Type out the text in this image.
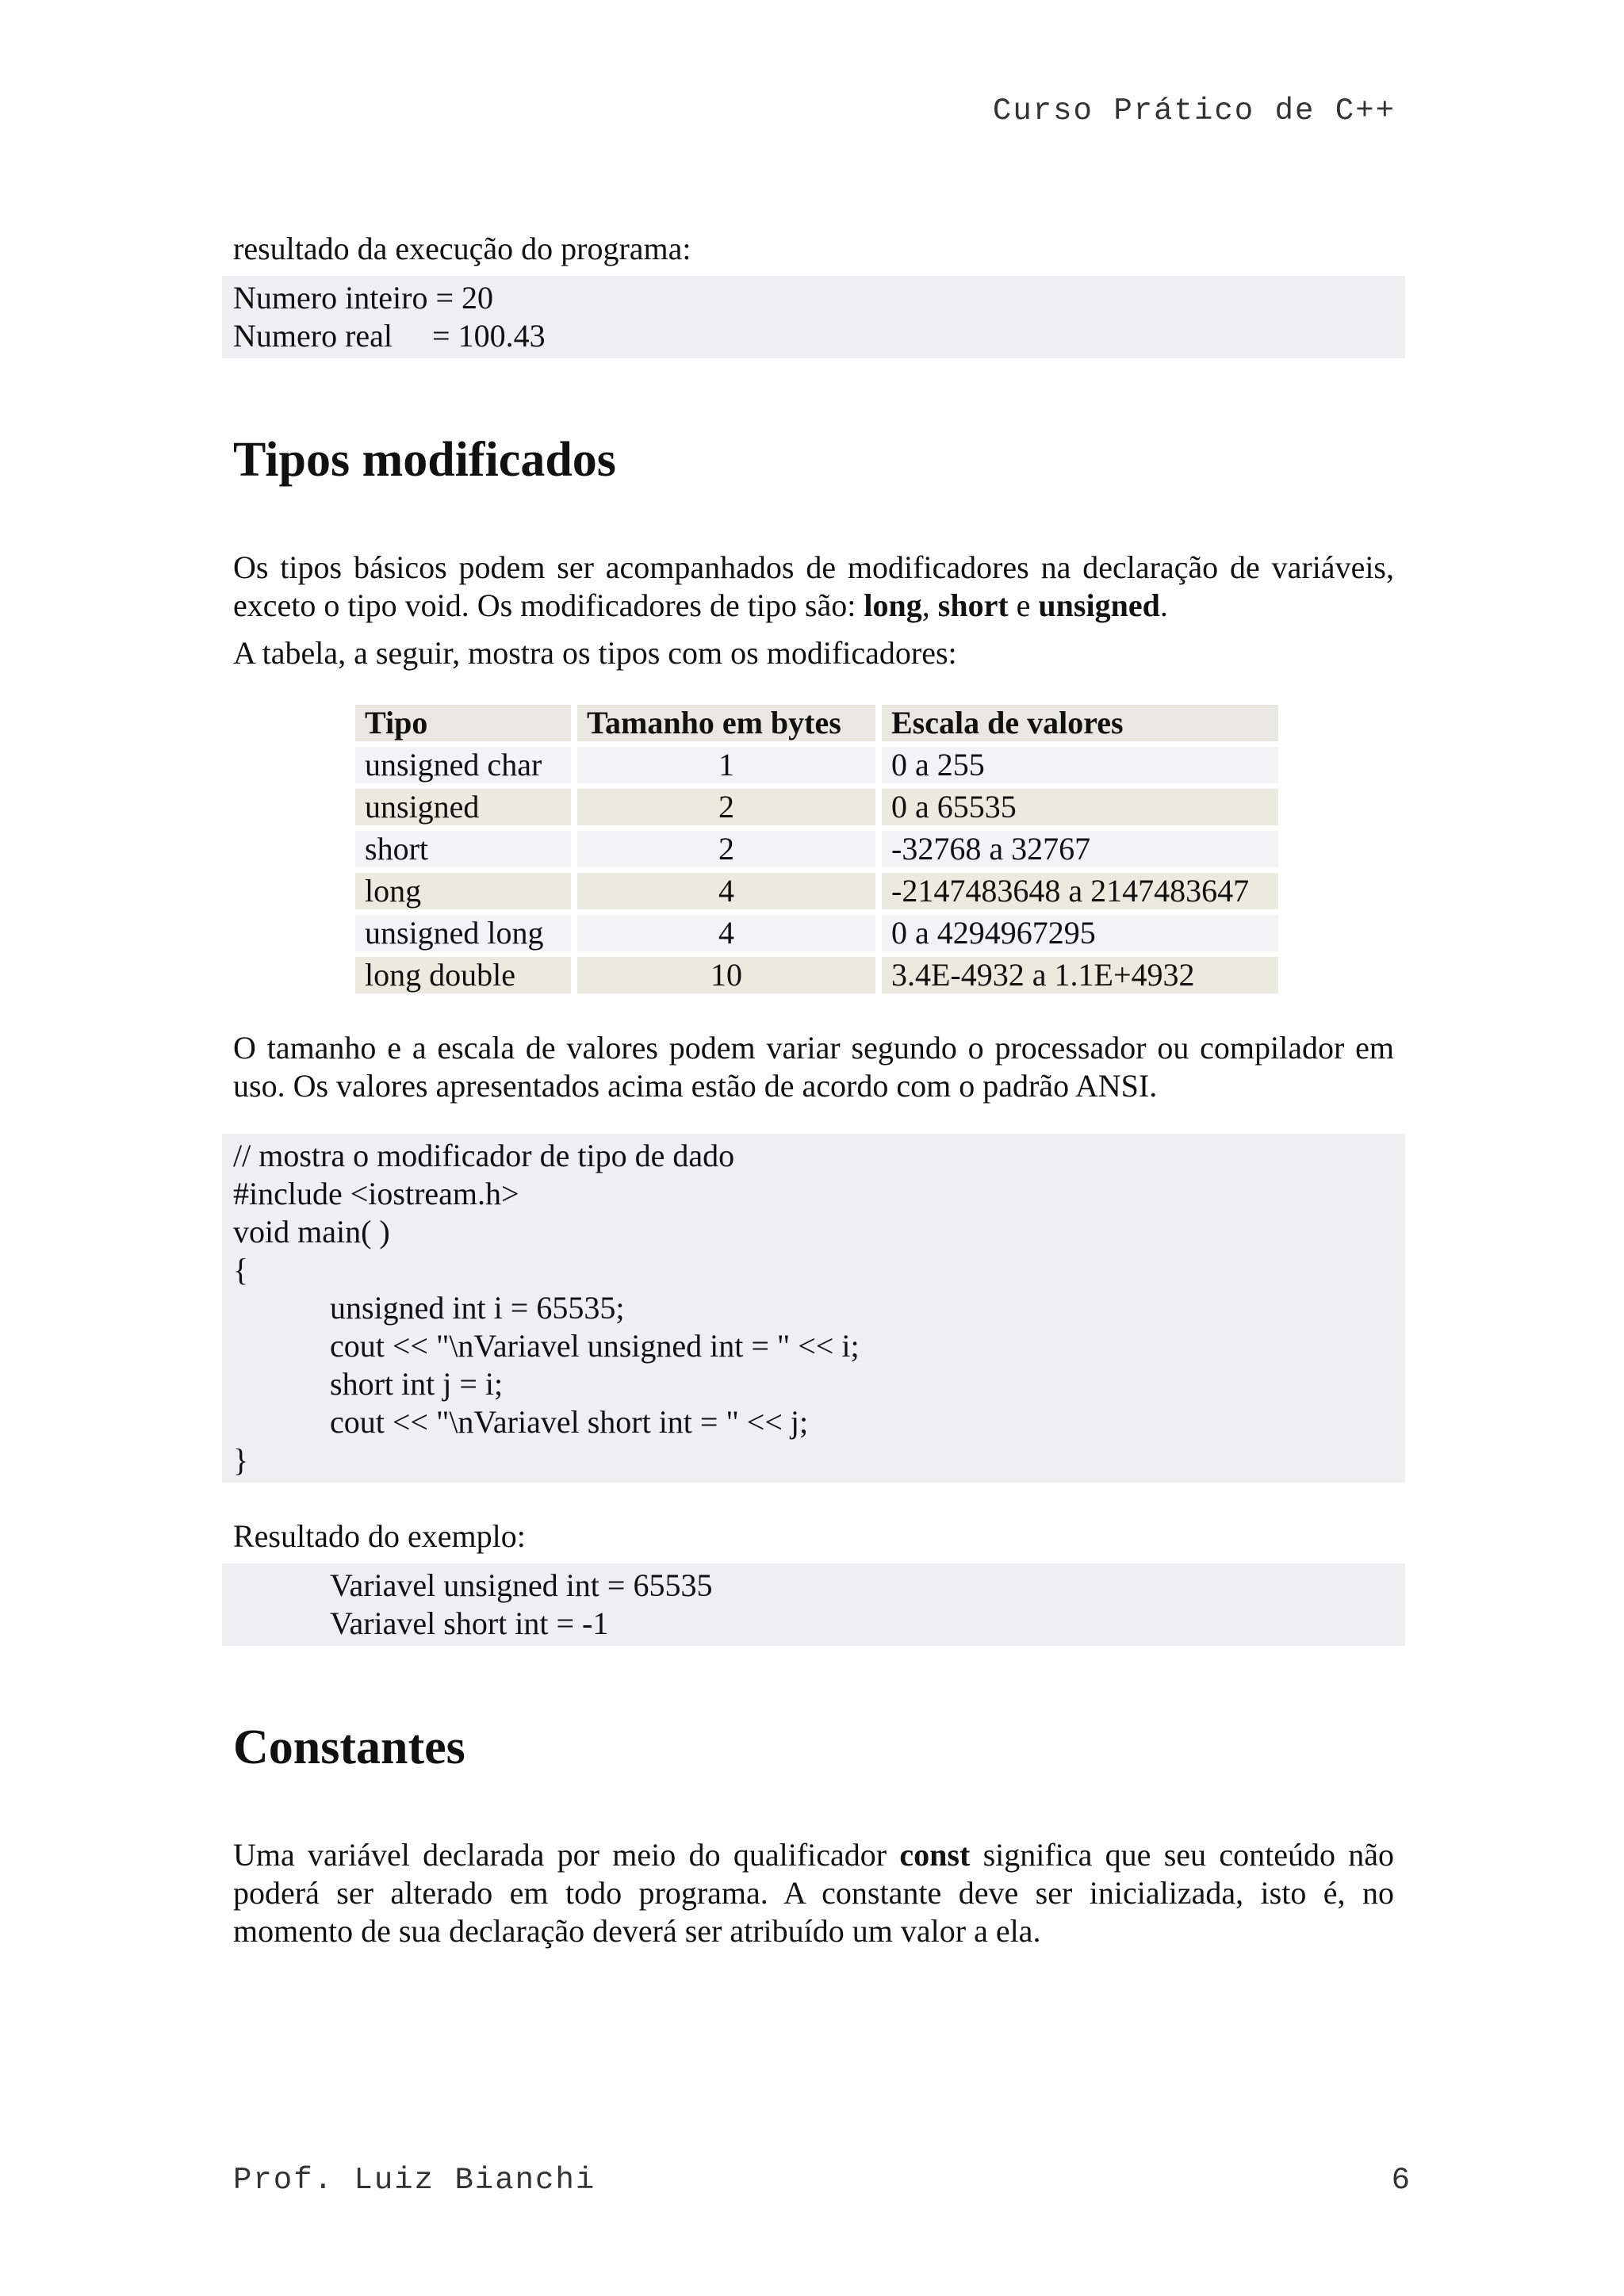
Curso Prático de C++

resultado da execução do programa:

Numero inteiro = 20
Numero real     = 100.43
Tipos modificados

Os tipos básicos podem ser acompanhados de modificadores na declaração de variáveis, exceto o tipo void. Os modificadores de tipo são: long, short e unsigned.

A tabela, a seguir, mostra os tipos com os modificadores:

Tipo	Tamanho em bytes	Escala de valores
unsigned char	1	0 a 255
unsigned	2	0 a 65535
short	2	-32768 a 32767
long	4	-2147483648 a 2147483647
unsigned long	4	0 a 4294967295
long double	10	3.4E-4932 a 1.1E+4932

O tamanho e a escala de valores podem variar segundo o processador ou compilador em uso. Os valores apresentados acima estão de acordo com o padrão ANSI.

// mostra o modificador de tipo de dado
#include <iostream.h>
void main( )
{
unsigned int i = 65535;
cout << "\nVariavel unsigned int = " << i;
short int j = i;
cout << "\nVariavel short int = " << j;
}

Resultado do exemplo:

Variavel unsigned int = 65535
Variavel short int = -1
Constantes

Uma variável declarada por meio do qualificador const significa que seu conteúdo não poderá ser alterado em todo programa. A constante deve ser inicializada, isto é, no momento de sua declaração deverá ser atribuído um valor a ela.

Prof. Luiz Bianchi	6
